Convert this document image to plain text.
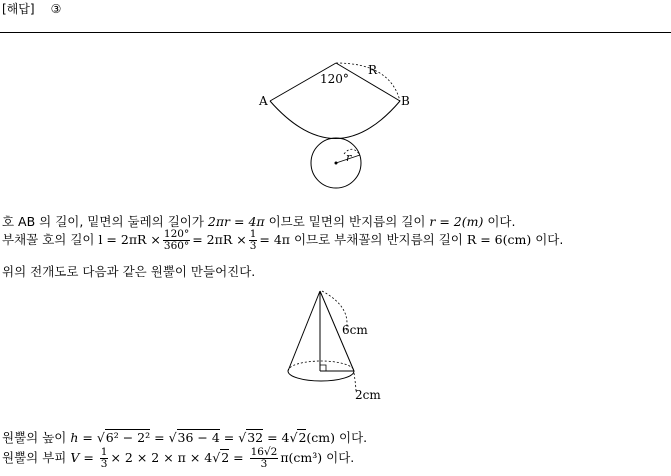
[해답] ③
120°
A	B
R
r
호 AB 의 길이, 밑면의 둘레의 길이가 2πr = 4π 이므로 밑면의 반지름의 길이 r = 2(m) 이다.
부채꼴 호의 길이 $l = 2\pi R \times \frac{120^\circ}{360^\circ} = 2\pi R \times \frac{1}{3} = 4\pi$ 이므로 부채꼴의 반지름의 길이 R = 6(cm) 이다.
위의 전개도로 다음과 같은 원뿔이 만들어진다.
6cm
2cm
원뿔의 높이 h = √6² − 2² = √36 − 4 = √32 = 4√2(cm) 이다.
원뿔의 부피 $V = \frac{1}{3} \times 2 \times 2 \times \pi \times 4√2 = \frac{16√2}{3} \pi(cm^3)$ 이다.
